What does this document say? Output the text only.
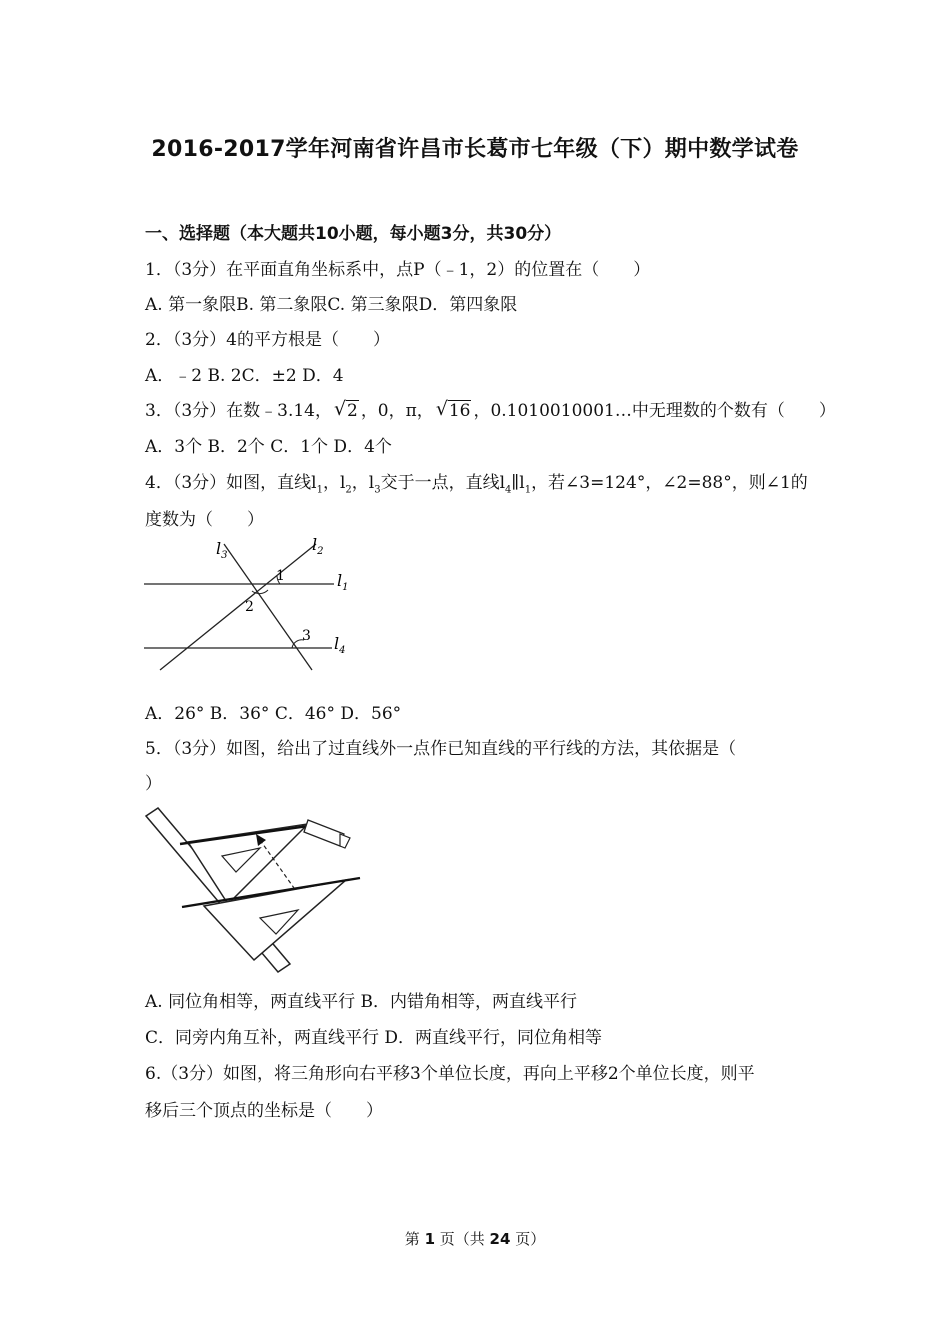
2016-2017学年河南省许昌市长葛市七年级（下）期中数学试卷
一、选择题（本大题共10小题，每小题3分，共30分）
1．（3分）在平面直角坐标系中，点P（﹣1，2）的位置在（　　）
A. 第一象限B. 第二象限C. 第三象限D．第四象限
2．（3分）4的平方根是（　　）
A．﹣2 B. 2C．±2 D．4
3．（3分）在数﹣3.14， √ 2 ，0，π， √ 16 ，0.1010010001…中无理数的个数有（　　）
A．3个 B．2个 C．1个 D．4个
4．（3分）如图，直线$l_1$，$l_2$，$l_3$交于一点，直线$l_4\parallel l_1$，若∠3=124°，∠2=88°，则∠1的
度数为（　　）
$l_3$
$l_2$
$l_1$
$l_4$
1
2
3
A．26° B．36° C．46° D．56°
5．（3分）如图，给出了过直线外一点作已知直线的平行线的方法，其依据是（
）
A. 同位角相等，两直线平行 B．内错角相等，两直线平行
C．同旁内角互补，两直线平行 D．两直线平行，同位角相等
6.（3分）如图，将三角形向右平移3个单位长度，再向上平移2个单位长度，则平
移后三个顶点的坐标是（　　）
第 1 页（共 24 页）
